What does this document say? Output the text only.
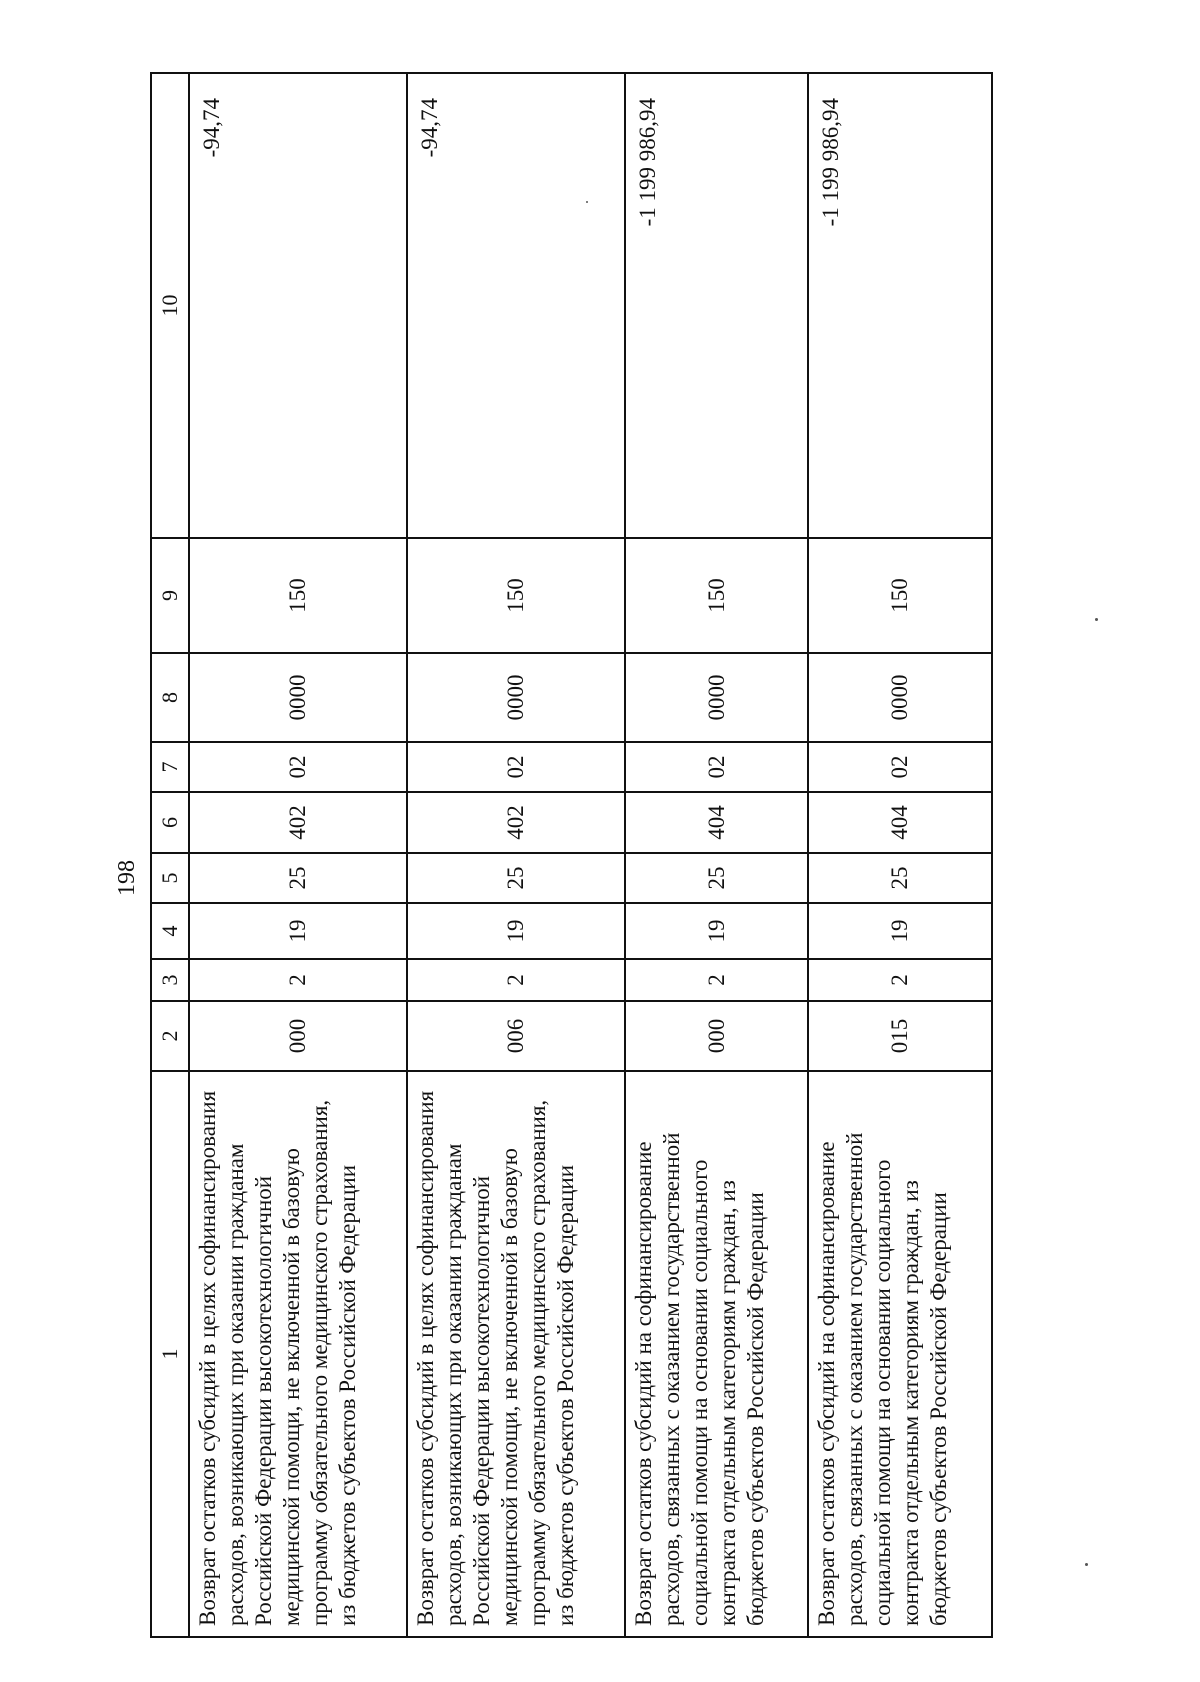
198
1	2	3	4	5	6	7	8	9	10
Возврат остатков субсидий в целях софинансирования расходов, возникающих при оказании гражданам Российской Федерации высокотехнологичной медицинской помощи, не включенной в базовую программу обязательного медицинского страхования, из бюджетов субъектов Российской Федерации	000	2	19	25	402	02	0000	150	-94,74
Возврат остатков субсидий в целях софинансирования расходов, возникающих при оказании гражданам Российской Федерации высокотехнологичной медицинской помощи, не включенной в базовую программу обязательного медицинского страхования, из бюджетов субъектов Российской Федерации	006	2	19	25	402	02	0000	150	-94,74
Возврат остатков субсидий на софинансирование расходов, связанных с оказанием государственной социальной помощи на основании социального контракта отдельным категориям граждан, из бюджетов субъектов Российской Федерации	000	2	19	25	404	02	0000	150	-1 199 986,94
Возврат остатков субсидий на софинансирование расходов, связанных с оказанием государственной социальной помощи на основании социального контракта отдельным категориям граждан, из бюджетов субъектов Российской Федерации	015	2	19	25	404	02	0000	150	-1 199 986,94
